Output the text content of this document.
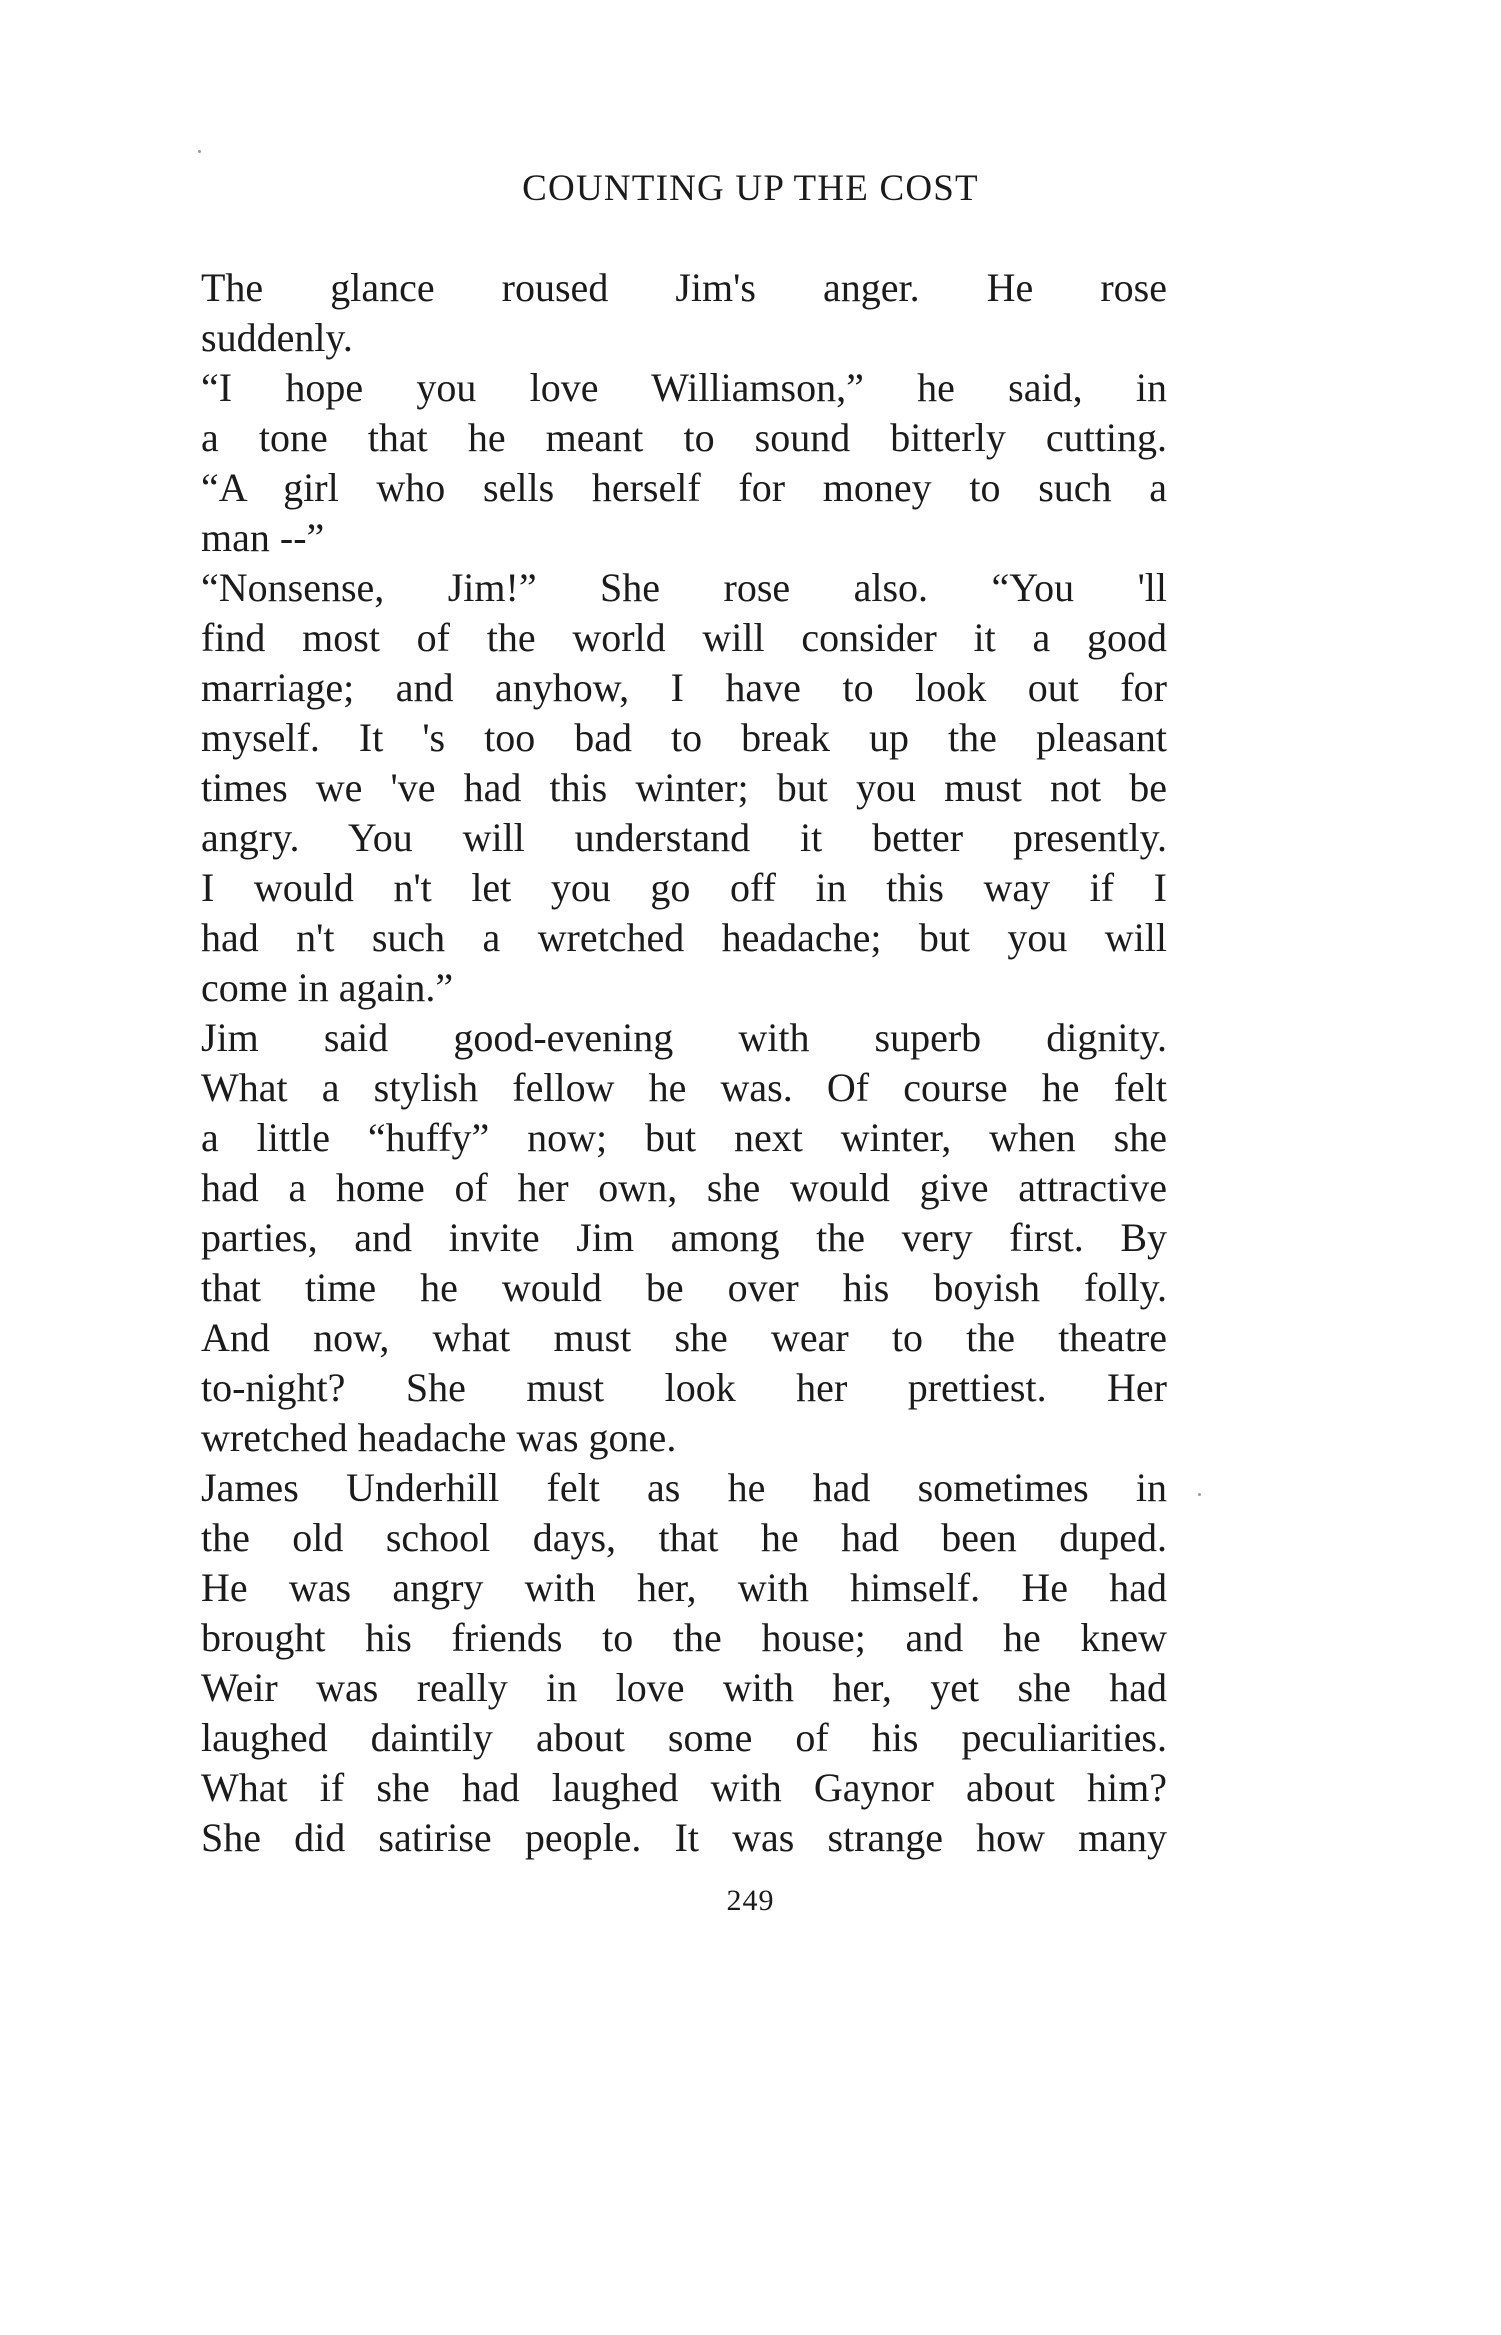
COUNTING UP THE COST
The glance roused Jim's anger. He rose
suddenly.
“I hope you love Williamson,” he said, in
a tone that he meant to sound bitterly cutting.
“A girl who sells herself for money to such a
man --”
“Nonsense, Jim!” She rose also. “You 'll
find most of the world will consider it a good
marriage; and anyhow, I have to look out for
myself. It 's too bad to break up the pleasant
times we 've had this winter; but you must not be
angry. You will understand it better presently.
I would n't let you go off in this way if I
had n't such a wretched headache; but you will
come in again.”
Jim said good-evening with superb dignity.
What a stylish fellow he was. Of course he felt
a little “huffy” now; but next winter, when she
had a home of her own, she would give attractive
parties, and invite Jim among the very first. By
that time he would be over his boyish folly.
And now, what must she wear to the theatre
to-night? She must look her prettiest. Her
wretched headache was gone.
James Underhill felt as he had sometimes in
the old school days, that he had been duped.
He was angry with her, with himself. He had
brought his friends to the house; and he knew
Weir was really in love with her, yet she had
laughed daintily about some of his peculiarities.
What if she had laughed with Gaynor about him?
She did satirise people. It was strange how many
249
